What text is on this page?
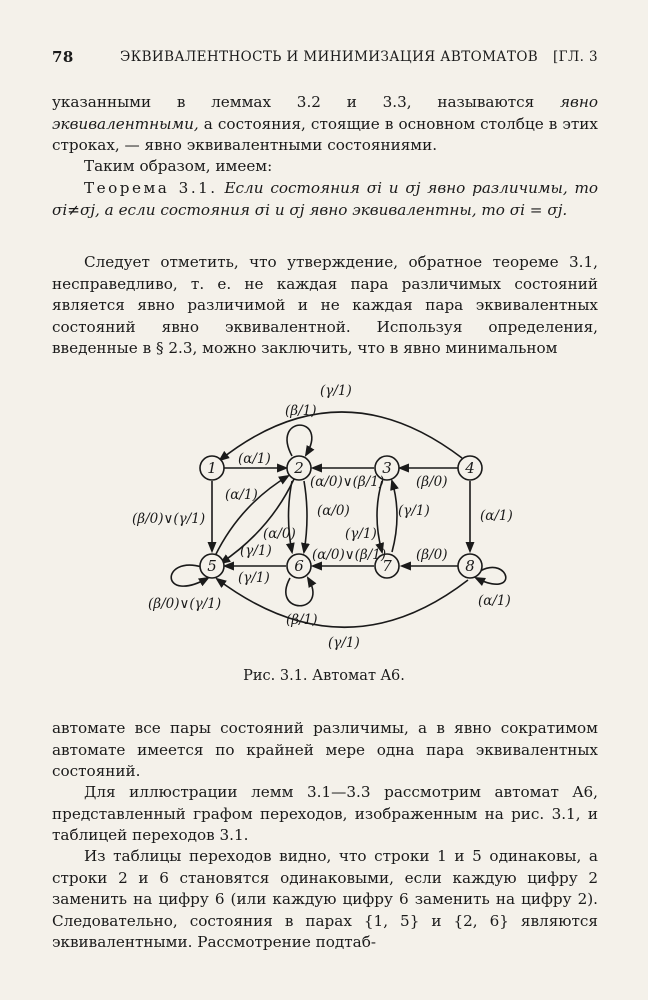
78	ЭКВИВАЛЕНТНОСТЬ И МИНИМИЗАЦИЯ АВТОМАТОВ [ГЛ. 3

указанными в леммах 3.2 и 3.3, называются явно эквивалентными, а состояния, стоящие в основном столбце в этих строках, — явно эквивалентными состояниями.

Таким образом, имеем:

Теорема 3.1. Если состояния σi и σj явно различимы, то σi≠σj, а если состояния σi и σj явно эквивалентны, то σi = σj.

Следует отметить, что утверждение, обратное теореме 3.1, несправедливо, т. е. не каждая пара различимых состояний является явно различимой и не каждая пара эквивалентных состояний явно эквивалентной. Используя определения, введенные в § 2.3, можно заключить, что в явно минимальном

1	2	3	4
5	6	7	8
(γ/1)
(β/1)
(α/1)
(α/0)∨(β/1) (β/0)
(β/0)∨(γ/1)
(α/1)
(α/0)
(α/0)
(γ/1)
(γ/1)
(α/1)
(γ/1)	(α/0)∨(β/1) (β/0)
(γ/1)
(β/0)∨(γ/1)
(β/1)
(α/1)
(γ/1)
Рис. 3.1. Автомат A6.

автомате все пары состояний различимы, а в явно сократимом автомате имеется по крайней мере одна пара эквивалентных состояний.

Для иллюстрации лемм 3.1—3.3 рассмотрим автомат A6, представленный графом переходов, изображенным на рис. 3.1, и таблицей переходов 3.1.

Из таблицы переходов видно, что строки 1 и 5 одинаковы, а строки 2 и 6 становятся одинаковыми, если каждую цифру 2 заменить на цифру 6 (или каждую цифру 6 заменить на цифру 2). Следовательно, состояния в парах {1, 5} и {2, 6} являются эквивалентными. Рассмотрение подтаб-
